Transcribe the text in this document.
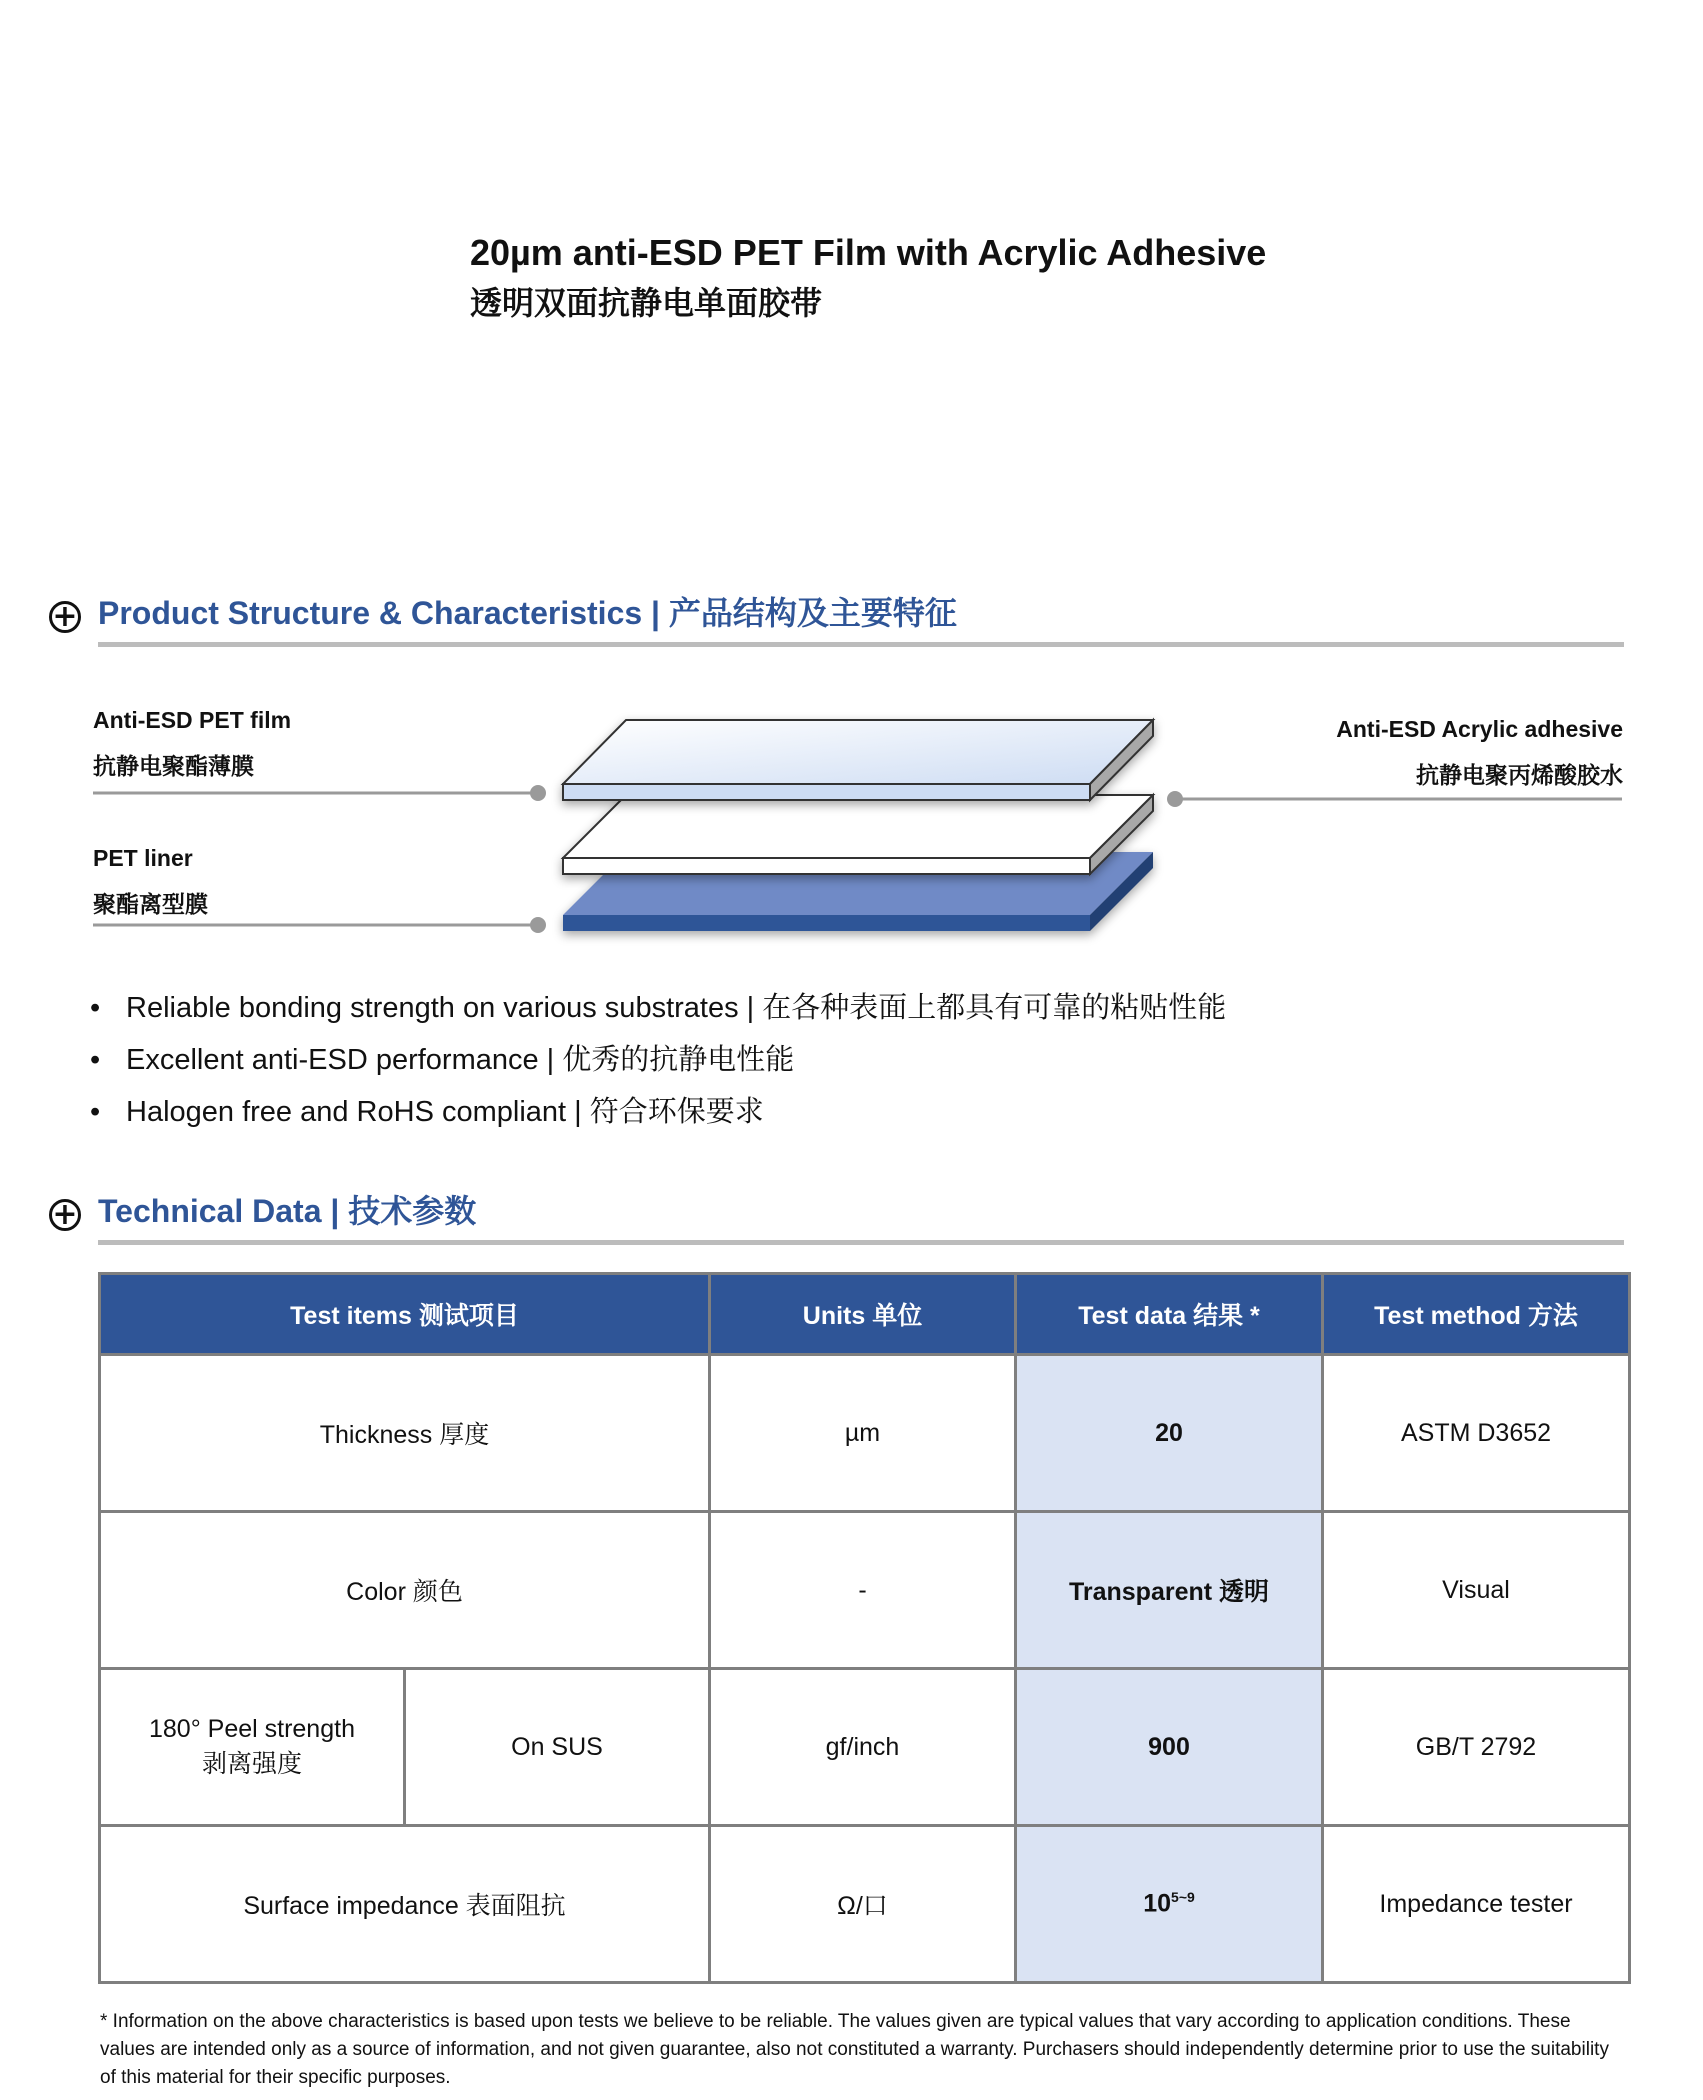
20µm anti-ESD PET Film with Acrylic Adhesive
透明双面抗静电单面胶带
+ Product Structure & Characteristics | 产品结构及主要特征
Anti-ESD PET film
抗静电聚酯薄膜
PET liner
聚酯离型膜
Anti-ESD Acrylic adhesive
抗静电聚丙烯酸胶水
• Reliable bonding strength on various substrates | 在各种表面上都具有可靠的粘贴性能
• Excellent anti-ESD performance | 优秀的抗静电性能
• Halogen free and RoHS compliant | 符合环保要求
+ Technical Data | 技术参数
Test items 测试项目		Units 单位	Test data 结果 *	Test method 方法
Thickness 厚度		µm	20	ASTM D3652
Color 颜色		-	Transparent 透明	Visual

180° Peel strength
剥离强度	On SUS	gf/inch	900	GB/T 2792
Surface impedance 表面阻抗		Ω/口	$10^{5\sim 9}$	Impedance tester

* Information on the above characteristics is based upon tests we believe to be reliable. The values given are typical values that vary according to application conditions. These values are intended only as a source of information, and not given guarantee, also not constituted a warranty. Purchasers should independently determine prior to use the suitability of this material for their specific purposes.
